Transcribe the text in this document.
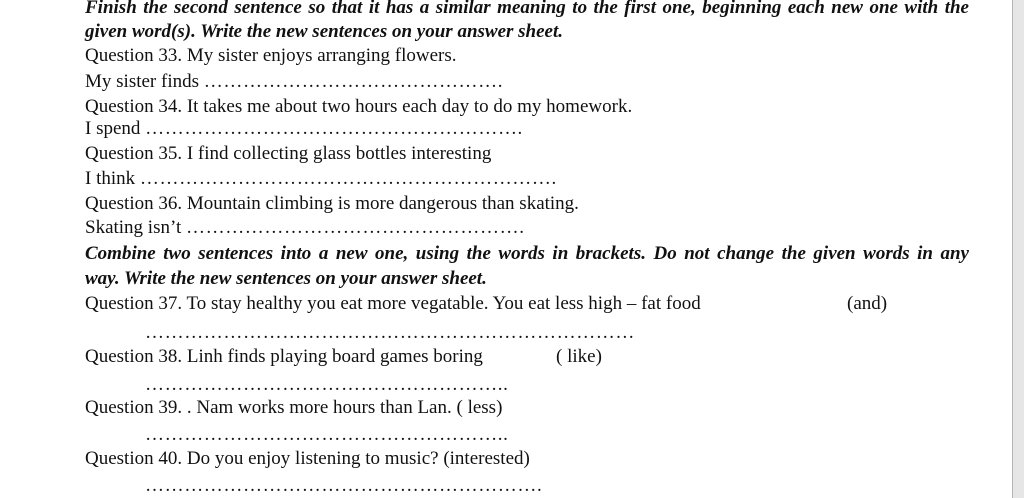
Finish the second sentence so that it has a similar meaning to the first one, beginning each new one with the
given word(s). Write the new sentences on your answer sheet.
Question 33. My sister enjoys arranging flowers.
My sister finds ……………………………………….
Question 34. It takes me about two hours each day to do my homework.
I spend ………………………………………………….
Question 35. I find collecting glass bottles interesting
I think ……………………………………………………….
Question 36. Mountain climbing is more dangerous than skating.
Skating isn’t …………………………………………….
Combine two sentences into a new one, using the words in brackets. Do not change the given words in any
way. Write the new sentences on your answer sheet.
Question 37. To stay healthy you eat more vegatable. You eat less high – fat food	(and)
…………………………………………………………………
Question 38. Linh finds playing board games boring	( like)
………………………………………………..
Question 39. . Nam works more hours than Lan. ( less)
………………………………………………..
Question 40. Do you enjoy listening to music? (interested)
…………………………………………………….
